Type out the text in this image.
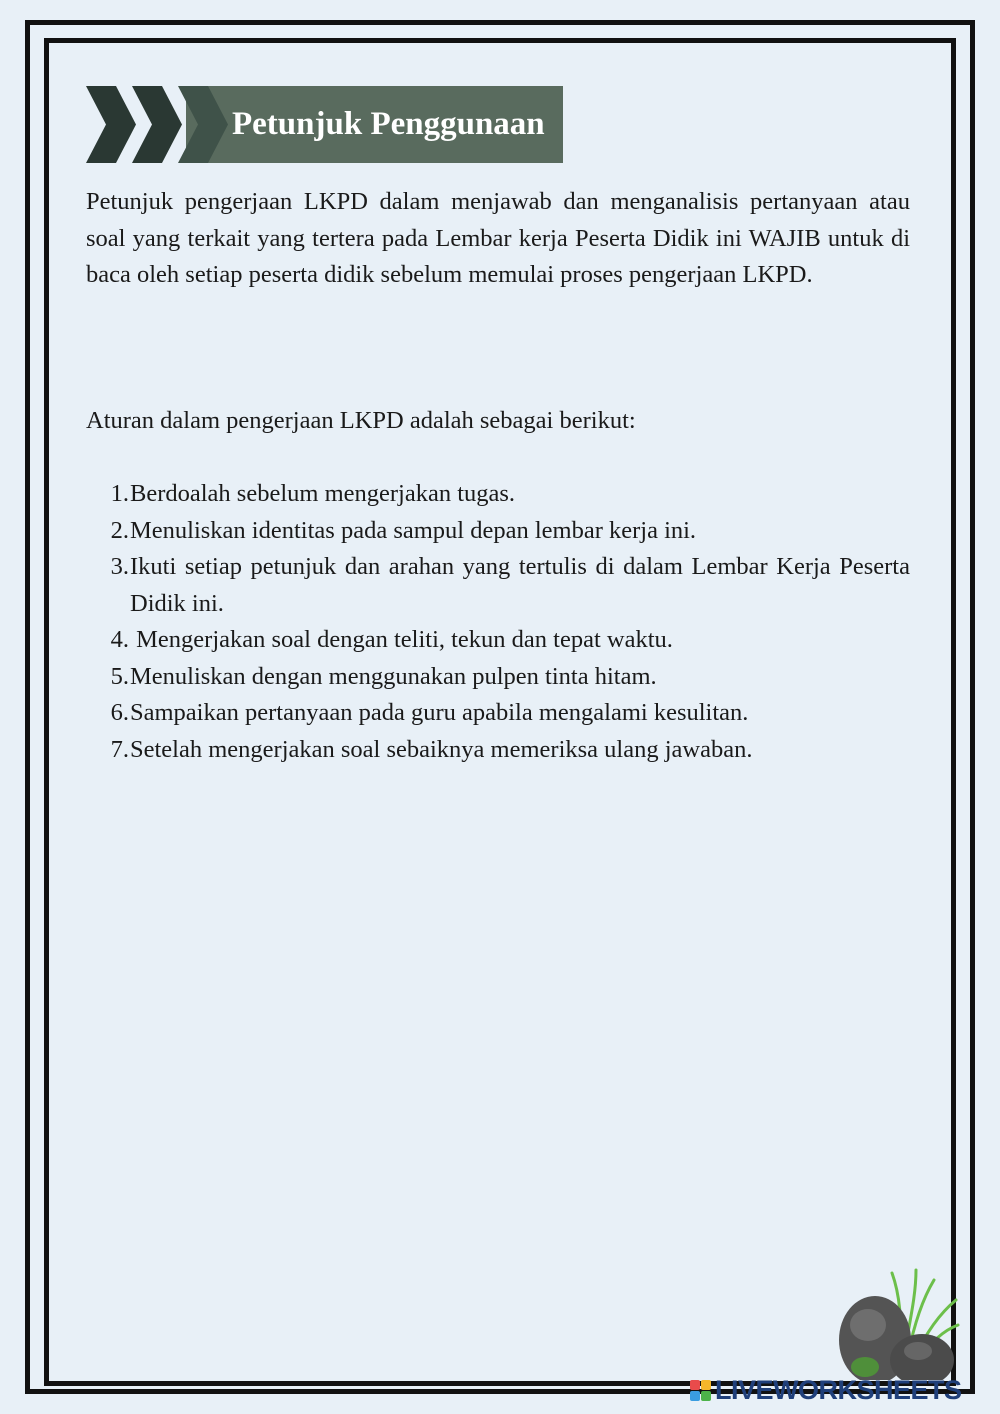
Petunjuk Penggunaan

Petunjuk pengerjaan LKPD dalam menjawab dan menganalisis pertanyaan atau soal yang terkait yang tertera pada Lembar kerja Peserta Didik ini WAJIB untuk di baca oleh setiap peserta didik sebelum memulai proses pengerjaan LKPD.

Aturan dalam pengerjaan LKPD adalah sebagai berikut:

1. Berdoalah sebelum mengerjakan tugas.
2. Menuliskan identitas pada sampul depan lembar kerja ini.
3. Ikuti setiap petunjuk dan arahan yang tertulis di dalam Lembar Kerja Peserta Didik ini.
4. Mengerjakan soal dengan teliti, tekun dan tepat waktu.
5. Menuliskan dengan menggunakan pulpen tinta hitam.
6. Sampaikan pertanyaan pada guru apabila mengalami kesulitan.
7. Setelah mengerjakan soal sebaiknya memeriksa ulang jawaban.
LIVEWORKSHEETS
